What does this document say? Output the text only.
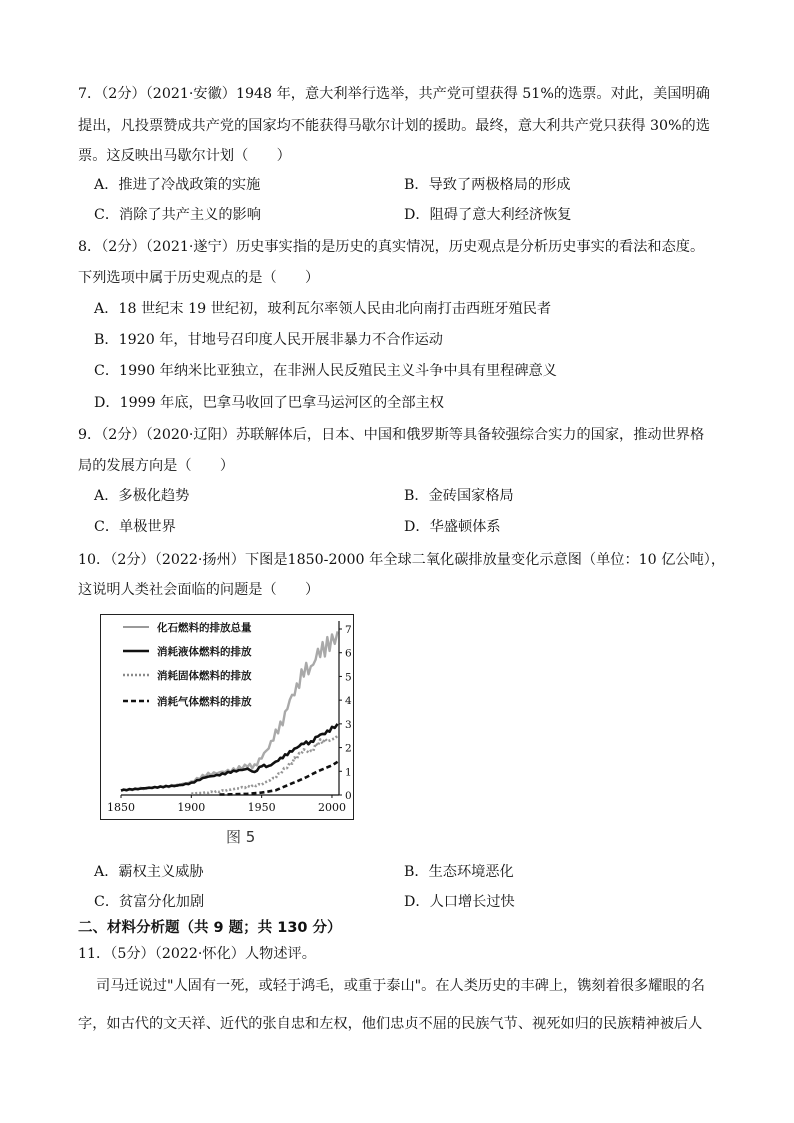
7．（2分）（2021·安徽）1948 年，意大利举行选举，共产党可望获得 51%的选票。对此，美国明确
提出，凡投票赞成共产党的国家均不能获得马歇尔计划的援助。最终，意大利共产党只获得 30%的选
票。这反映出马歇尔计划（　　）
A．推进了冷战政策的实施	B．导致了两极格局的形成
C．消除了共产主义的影响	D．阻碍了意大利经济恢复
8．（2分）（2021·遂宁）历史事实指的是历史的真实情况，历史观点是分析历史事实的看法和态度。
下列选项中属于历史观点的是（　　）
A．18 世纪末 19 世纪初，玻利瓦尔率领人民由北向南打击西班牙殖民者
B．1920 年，甘地号召印度人民开展非暴力不合作运动
C．1990 年纳米比亚独立，在非洲人民反殖民主义斗争中具有里程碑意义
D．1999 年底，巴拿马收回了巴拿马运河区的全部主权
9．（2分）（2020·辽阳）苏联解体后，日本、中国和俄罗斯等具备较强综合实力的国家，推动世界格
局的发展方向是（　　）
A．多极化趋势	B．金砖国家格局
C．单极世界	D．华盛顿体系
10．（2分）（2022·扬州）下图是1850-2000 年全球二氧化碳排放量变化示意图（单位：10 亿公吨），
这说明人类社会面临的问题是（　　）
化石燃料的排放总量
消耗液体燃料的排放
消耗固体燃料的排放
消耗气体燃料的排放
1850	1900	1950	2000
0
1
2
3
4
5
6
7
图 5
A．霸权主义威胁	B．生态环境恶化
C．贫富分化加剧	D．人口增长过快
二、材料分析题（共 9 题；共 130 分）
11．（5分）（2022·怀化）人物述评。
司马迁说过"人固有一死，或轻于鸿毛，或重于泰山"。在人类历史的丰碑上，镌刻着很多耀眼的名
字，如古代的文天祥、近代的张自忠和左权，他们忠贞不屈的民族气节、视死如归的民族精神被后人
